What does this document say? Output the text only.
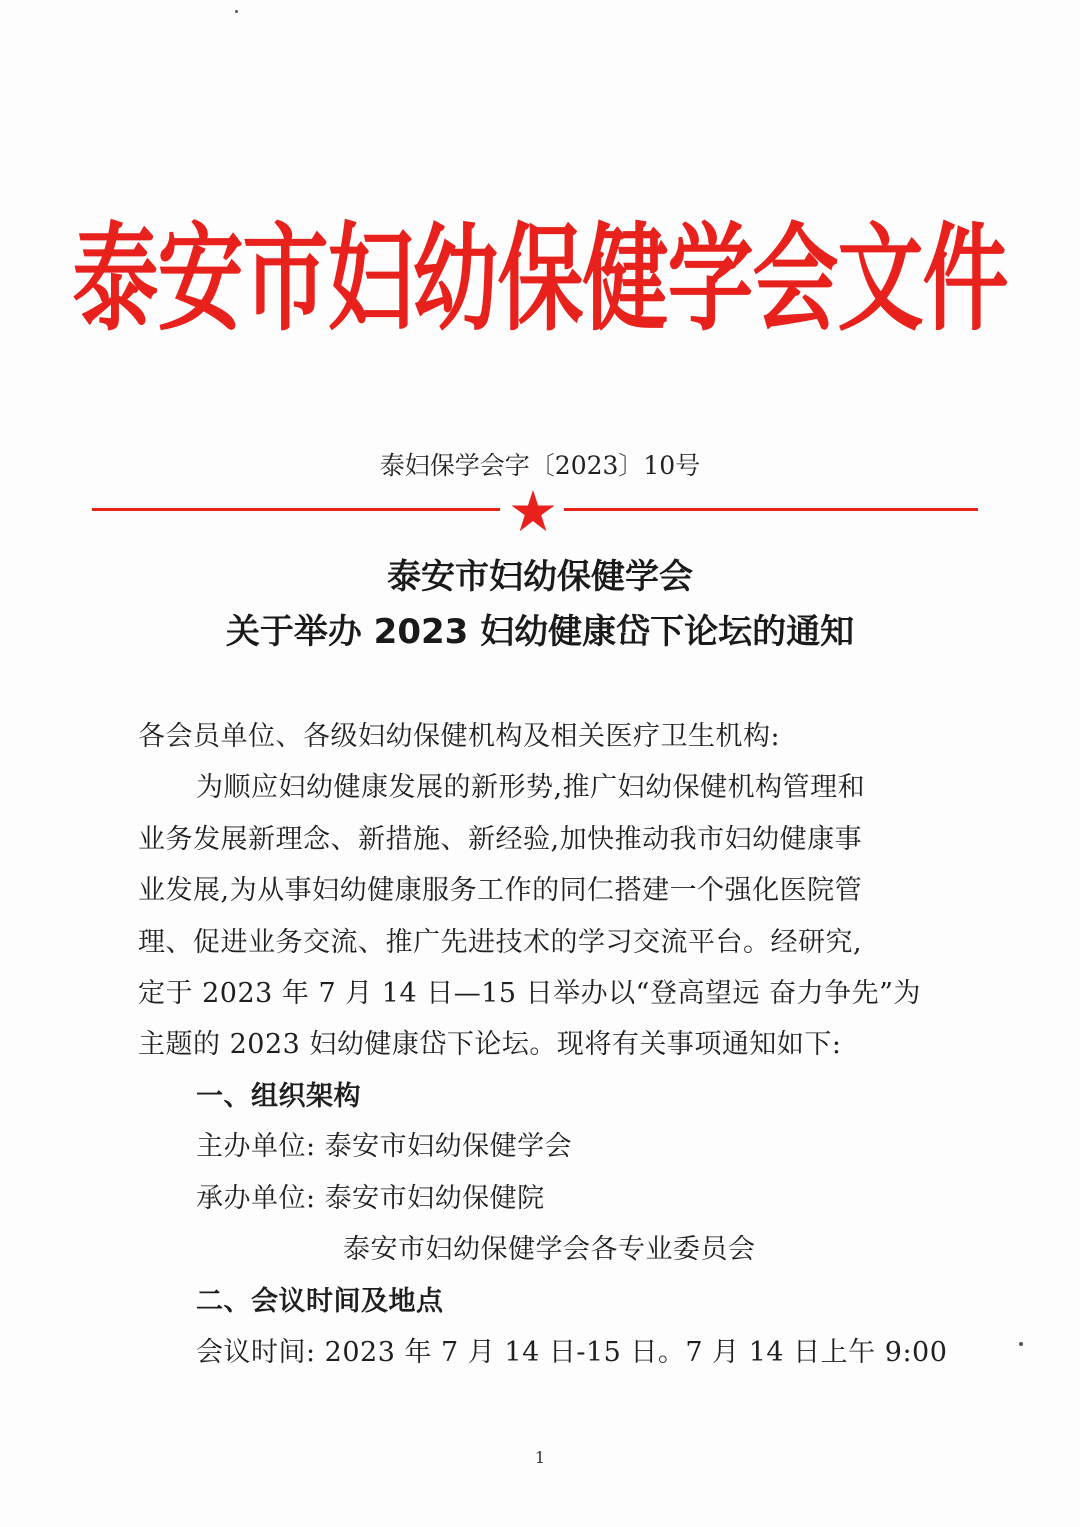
泰安市妇幼保健学会文件
泰妇保学会字〔2023〕10号
泰安市妇幼保健学会
关于举办 2023 妇幼健康岱下论坛的通知
各会员单位、各级妇幼保健机构及相关医疗卫生机构:
为顺应妇幼健康发展的新形势,推广妇幼保健机构管理和
业务发展新理念、新措施、新经验,加快推动我市妇幼健康事
业发展,为从事妇幼健康服务工作的同仁搭建一个强化医院管
理、促进业务交流、推广先进技术的学习交流平台。经研究,
定于 2023 年 7 月 14 日—15 日举办以“登高望远 奋力争先”为
主题的 2023 妇幼健康岱下论坛。现将有关事项通知如下:
一、组织架构
主办单位: 泰安市妇幼保健学会
承办单位: 泰安市妇幼保健院
泰安市妇幼保健学会各专业委员会
二、会议时间及地点
会议时间: 2023 年 7 月 14 日-15 日。7 月 14 日上午 9:00
1
